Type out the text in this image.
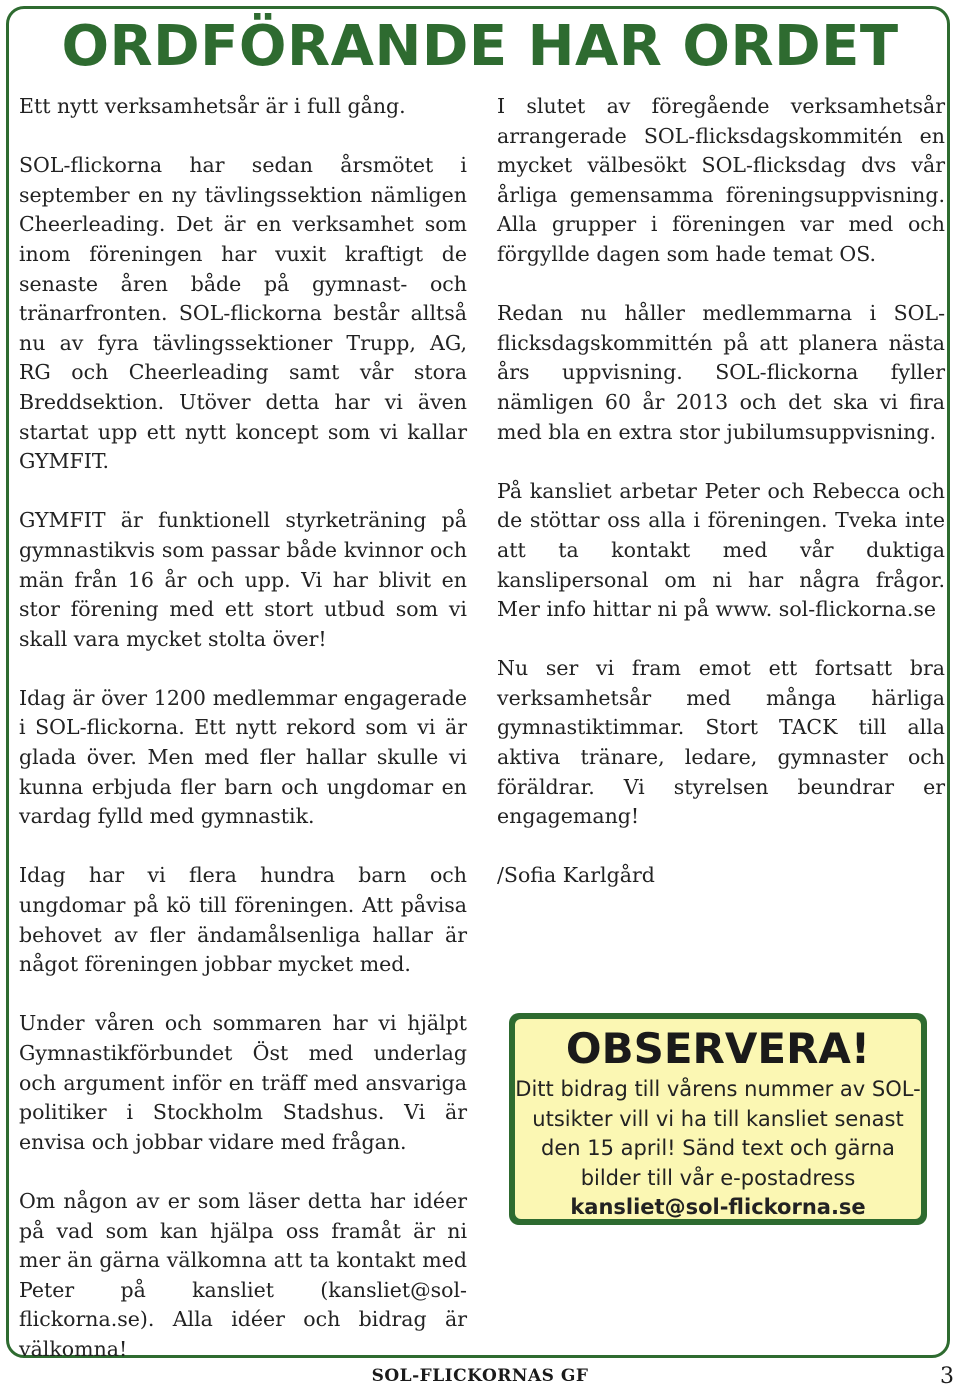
ORDFÖRANDE HAR ORDET

Ett nytt verksamhetsår är i full gång.

SOL-flickorna har sedan årsmötet i september en ny tävlingssektion nämligen Cheerleading. Det är en verksamhet som inom föreningen har vuxit kraftigt de senaste åren både på gymnast- och tränarfronten. SOL-flickorna består alltså nu av fyra tävlingssektioner Trupp, AG, RG och Cheerleading samt vår stora Breddsektion. Utöver detta har vi även startat upp ett nytt koncept som vi kallar GYMFIT.

GYMFIT är funktionell styrketräning på gymnastikvis som passar både kvinnor och män från 16 år och upp. Vi har blivit en stor förening med ett stort utbud som vi skall vara mycket stolta över!

Idag är över 1200 medlemmar engagerade i SOL-flickorna. Ett nytt rekord som vi är glada över. Men med fler hallar skulle vi kunna erbjuda fler barn och ungdomar en vardag fylld med gymnastik.

Idag har vi flera hundra barn och ungdomar på kö till föreningen. Att påvisa behovet av fler ändamålsenliga hallar är något föreningen jobbar mycket med.

Under våren och sommaren har vi hjälpt Gymnastikförbundet Öst med underlag och argument inför en träff med ansvariga politiker i Stockholm Stadshus. Vi är envisa och jobbar vidare med frågan.

Om någon av er som läser detta har idéer på vad som kan hjälpa oss framåt är ni mer än gärna välkomna att ta kontakt med Peter på kansliet (kansliet@sol-flickorna.se). Alla idéer och bidrag är välkomna!

I slutet av föregående verksamhetsår arrangerade SOL-flicksdagskommitén en mycket välbesökt SOL-flicksdag dvs vår årliga gemensamma föreningsuppvisning. Alla grupper i föreningen var med och förgyllde dagen som hade temat OS.

Redan nu håller medlemmarna i SOL-flicksdagskommittén på att planera nästa års uppvisning. SOL-flickorna fyller nämligen 60 år 2013 och det ska vi fira med bla en extra stor jubilumsuppvisning.

På kansliet arbetar Peter och Rebecca och de stöttar oss alla i föreningen. Tveka inte att ta kontakt med vår duktiga kanslipersonal om ni har några frågor. Mer info hittar ni på www. sol-flickorna.se

Nu ser vi fram emot ett fortsatt bra verksamhetsår med många härliga gymnastiktimmar. Stort TACK till alla aktiva tränare, ledare, gymnaster och föräldrar. Vi styrelsen beundrar er engagemang!

/Sofia Karlgård

OBSERVERA!

Ditt bidrag till vårens nummer av SOL-utsikter vill vi ha till kansliet senast den 15 april! Sänd text och gärna bilder till vår e-postadress

kansliet@sol-flickorna.se

SOL-FLICKORNAS GF	3
